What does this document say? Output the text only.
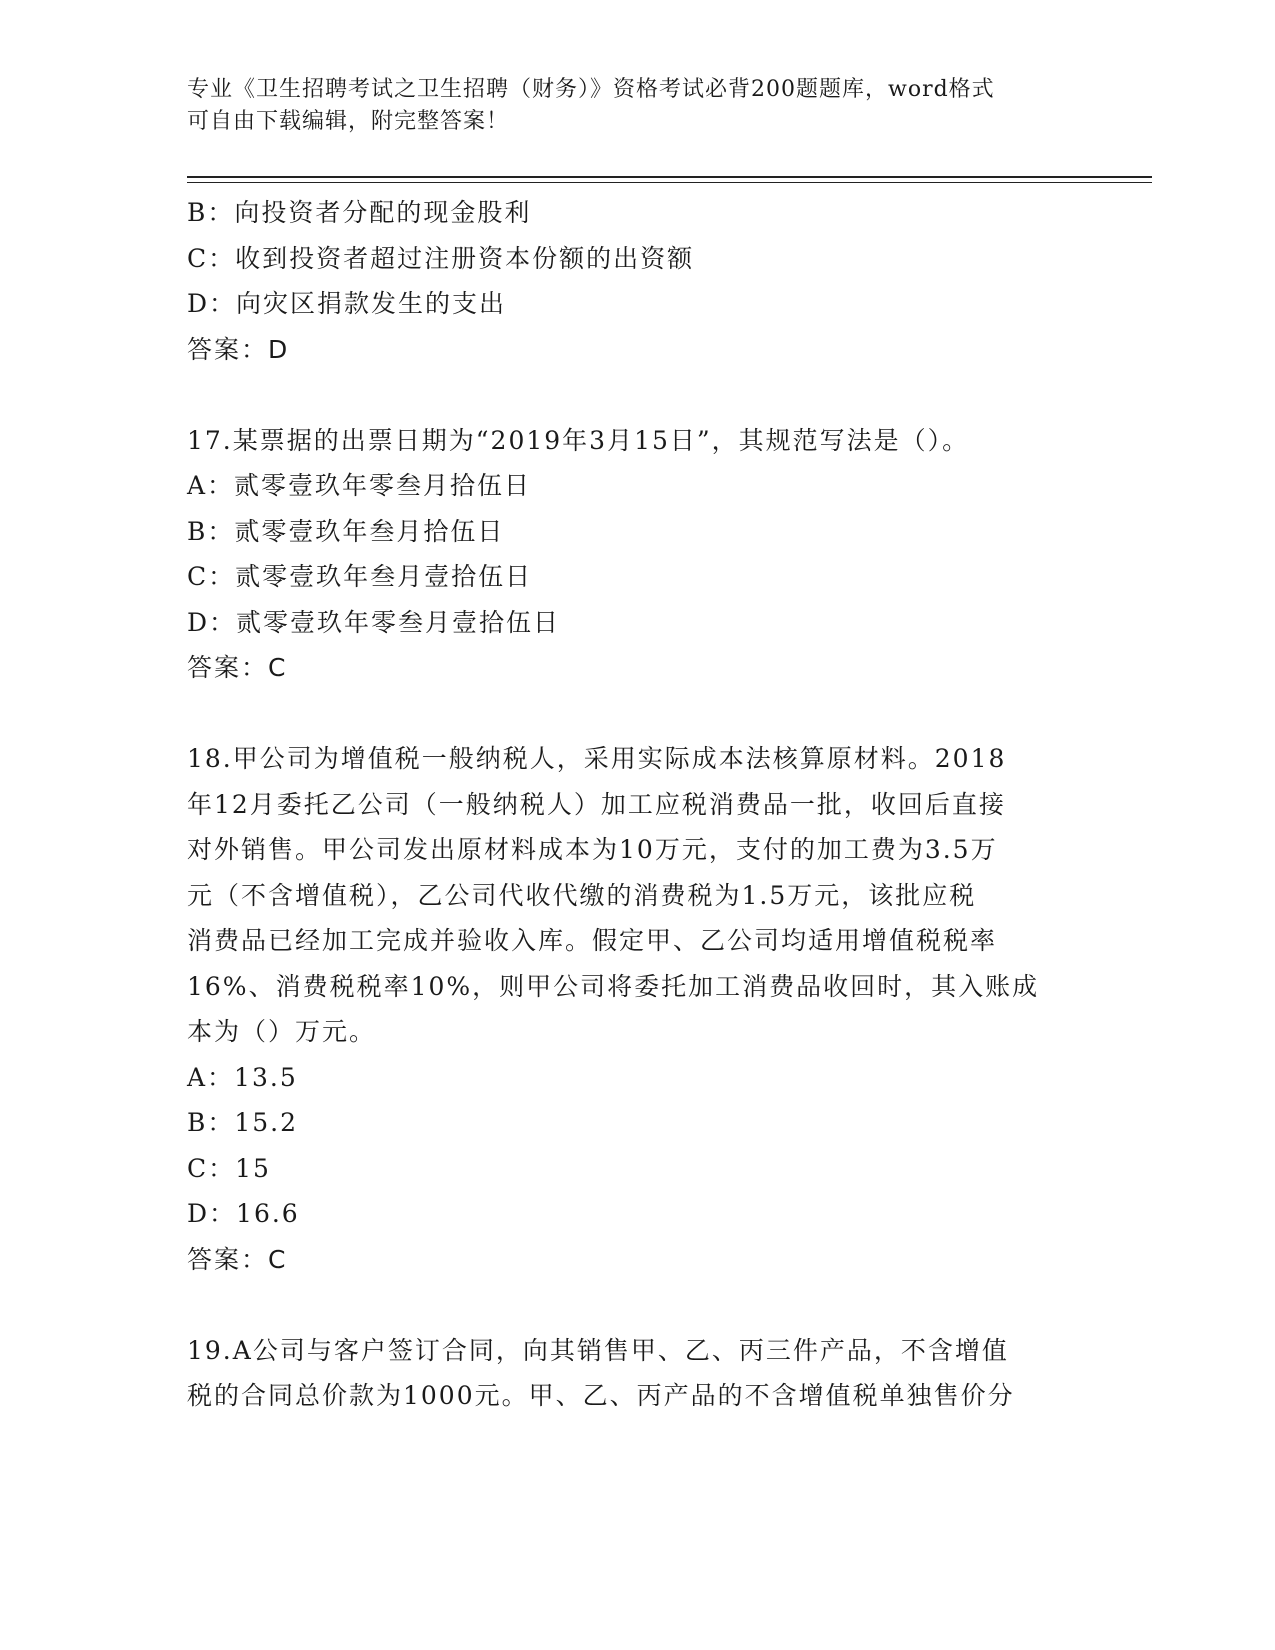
专业《卫生招聘考试之卫生招聘（财务）》资格考试必背200题题库，word格式
可自由下载编辑，附完整答案！
B：向投资者分配的现金股利
C：收到投资者超过注册资本份额的出资额
D：向灾区捐款发生的支出
答案：D
17.某票据的出票日期为“2019年3月15日”，其规范写法是（）。
A：贰零壹玖年零叁月拾伍日
B：贰零壹玖年叁月拾伍日
C：贰零壹玖年叁月壹拾伍日
D：贰零壹玖年零叁月壹拾伍日
答案：C
18.甲公司为增值税一般纳税人，采用实际成本法核算原材料。2018
年12月委托乙公司（一般纳税人）加工应税消费品一批，收回后直接
对外销售。甲公司发出原材料成本为10万元，支付的加工费为3.5万
元（不含增值税），乙公司代收代缴的消费税为1.5万元，该批应税
消费品已经加工完成并验收入库。假定甲、乙公司均适用增值税税率
16%、消费税税率10%，则甲公司将委托加工消费品收回时，其入账成
本为（）万元。
A：13.5
B：15.2
C：15
D：16.6
答案：C
19.A公司与客户签订合同，向其销售甲、乙、丙三件产品，不含增值
税的合同总价款为1000元。甲、乙、丙产品的不含增值税单独售价分
